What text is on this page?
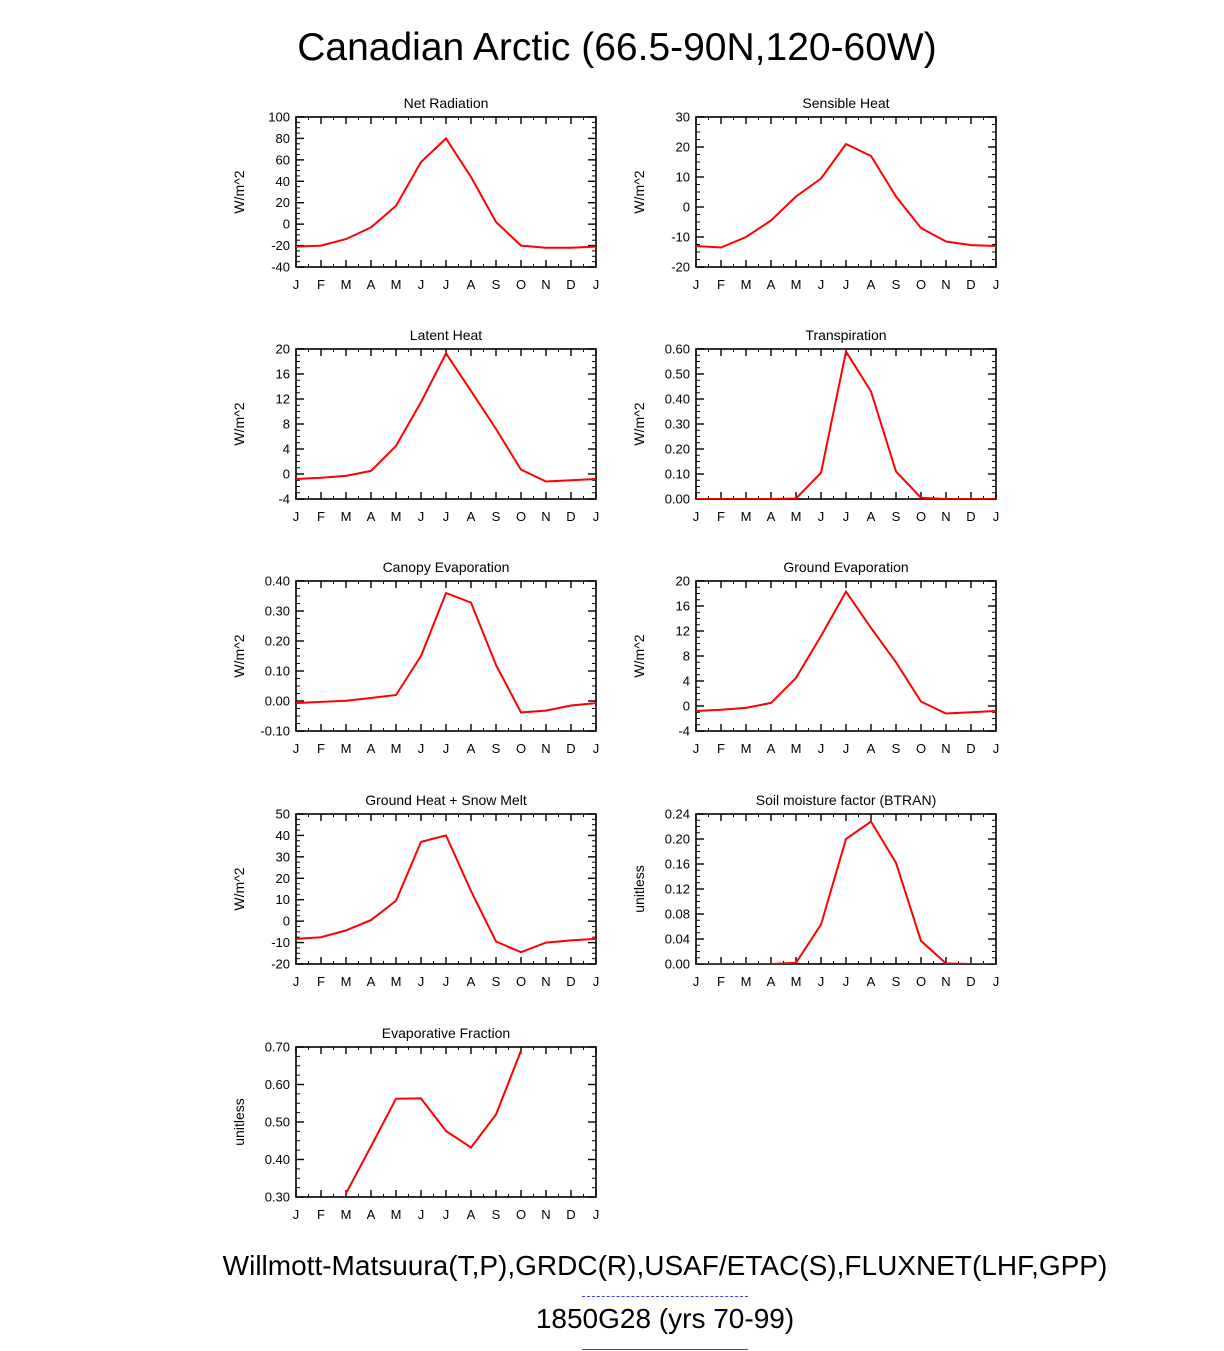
Canadian Arctic (66.5-90N,120-60W)
Net Radiation
J F M A M J J A S O N D J
-40
-20
0
20
40
60
80
100
W/m^2
Sensible Heat
J F M A M J J A S O N D J
-20
-10
0
10
20
30
W/m^2
Latent Heat
J F M A M J J A S O N D J
-4
0
4
8
12
16
20
W/m^2
Transpiration
J F M A M J J A S O N D J
0.00
0.10
0.20
0.30
0.40
0.50
0.60
W/m^2
Canopy Evaporation
J F M A M J J A S O N D J
-0.10
0.00
0.10
0.20
0.30
0.40
W/m^2
Ground Evaporation
J F M A M J J A S O N D J
-4
0
4
8
12
16
20
W/m^2
Ground Heat + Snow Melt
J F M A M J J A S O N D J
-20
-10
0
10
20
30
40
50
W/m^2
Soil moisture factor (BTRAN)
J F M A M J J A S O N D J
0.00
0.04
0.08
0.12
0.16
0.20
0.24
unitless
Evaporative Fraction
J F M A M J J A S O N D J
0.30
0.40
0.50
0.60
0.70
unitless
Willmott-Matsuura(T,P),GRDC(R),USAF/ETAC(S),FLUXNET(LHF,GPP)
1850G28 (yrs 70-99)
